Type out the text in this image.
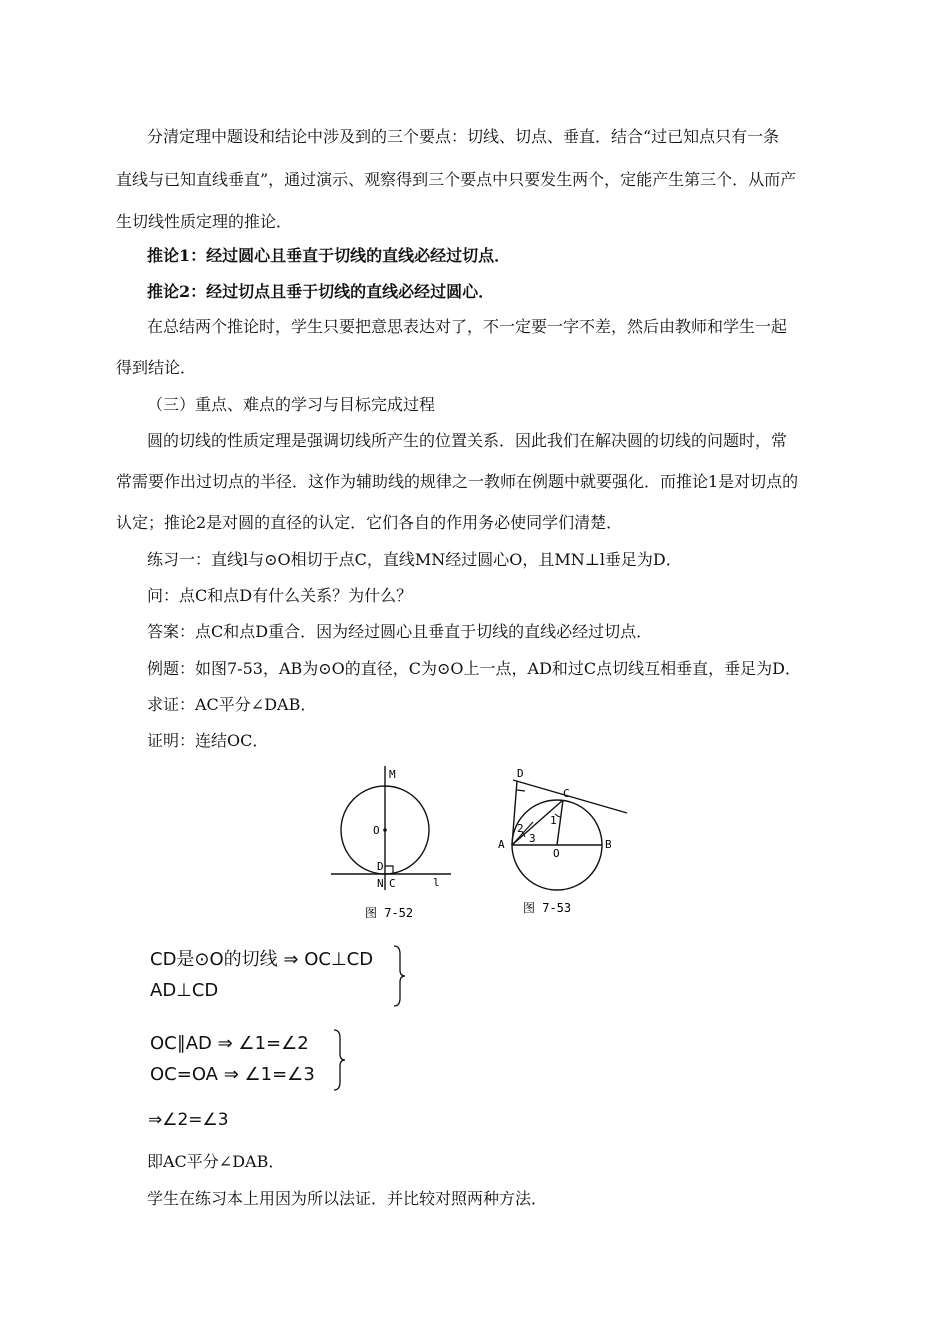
分清定理中题设和结论中涉及到的三个要点：切线、切点、垂直．结合“过已知点只有一条
直线与已知直线垂直”，通过演示、观察得到三个要点中只要发生两个，定能产生第三个．从而产
生切线性质定理的推论．
推论1：经过圆心且垂直于切线的直线必经过切点．
推论2：经过切点且垂于切线的直线必经过圆心．
在总结两个推论时，学生只要把意思表达对了，不一定要一字不差，然后由教师和学生一起
得到结论．
（三）重点、难点的学习与目标完成过程
圆的切线的性质定理是强调切线所产生的位置关系．因此我们在解决圆的切线的问题时，常
常需要作出过切点的半径．这作为辅助线的规律之一教师在例题中就要强化．而推论1是对切点的
认定；推论2是对圆的直径的认定．它们各自的作用务必使同学们清楚．
练习一：直线l与⊙O相切于点C，直线MN经过圆心O，且MN⊥l垂足为D．
问：点C和点D有什么关系？为什么？
答案：点C和点D重合．因为经过圆心且垂直于切线的直线必经过切点．
例题：如图7-53，AB为⊙O的直径，C为⊙O上一点，AD和过C点切线互相垂直，垂足为D．
求证：AC平分∠DAB．
证明：连结OC．
M
O
D
N C	l
图 7-52
D
C
A	B
O
1
2
3
图 7-53
CD是⊙O的切线 ⇒ OC⊥CD
AD⊥CD
OC∥AD ⇒ ∠1=∠2
OC=OA ⇒ ∠1=∠3
⇒∠2=∠3
即AC平分∠DAB．
学生在练习本上用因为所以法证．并比较对照两种方法．
